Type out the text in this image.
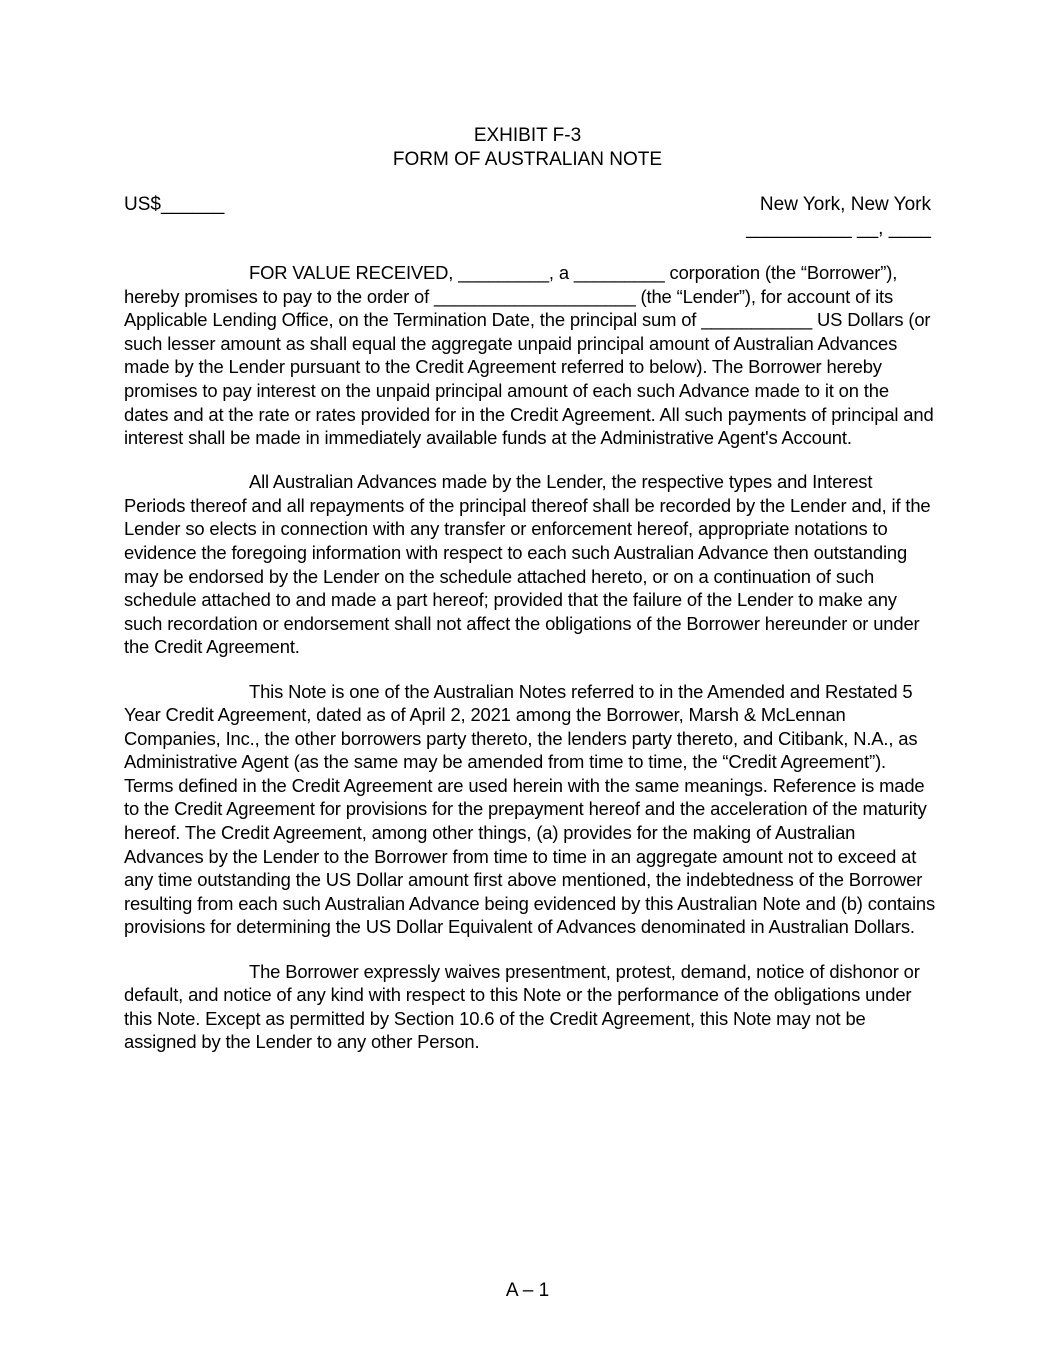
EXHIBIT F-3
FORM OF AUSTRALIAN NOTE
US$______	New York, New York
__________ __, ____

FOR VALUE RECEIVED, _________, a _________ corporation (the “Borrower”), hereby promises to pay to the order of ____________________ (the “Lender”), for account of its Applicable Lending Office, on the Termination Date, the principal sum of ___________ US Dollars (or such lesser amount as shall equal the aggregate unpaid principal amount of Australian Advances made by the Lender pursuant to the Credit Agreement referred to below). The Borrower hereby promises to pay interest on the unpaid principal amount of each such Advance made to it on the dates and at the rate or rates provided for in the Credit Agreement. All such payments of principal and interest shall be made in immediately available funds at the Administrative Agent's Account.

All Australian Advances made by the Lender, the respective types and Interest Periods thereof and all repayments of the principal thereof shall be recorded by the Lender and, if the Lender so elects in connection with any transfer or enforcement hereof, appropriate notations to evidence the foregoing information with respect to each such Australian Advance then outstanding may be endorsed by the Lender on the schedule attached hereto, or on a continuation of such schedule attached to and made a part hereof; provided that the failure of the Lender to make any such recordation or endorsement shall not affect the obligations of the Borrower hereunder or under the Credit Agreement.

This Note is one of the Australian Notes referred to in the Amended and Restated 5 Year Credit Agreement, dated as of April 2, 2021 among the Borrower, Marsh & McLennan Companies, Inc., the other borrowers party thereto, the lenders party thereto, and Citibank, N.A., as Administrative Agent (as the same may be amended from time to time, the “Credit Agreement”). Terms defined in the Credit Agreement are used herein with the same meanings. Reference is made to the Credit Agreement for provisions for the prepayment hereof and the acceleration of the maturity hereof. The Credit Agreement, among other things, (a) provides for the making of Australian Advances by the Lender to the Borrower from time to time in an aggregate amount not to exceed at any time outstanding the US Dollar amount first above mentioned, the indebtedness of the Borrower resulting from each such Australian Advance being evidenced by this Australian Note and (b) contains provisions for determining the US Dollar Equivalent of Advances denominated in Australian Dollars.

The Borrower expressly waives presentment, protest, demand, notice of dishonor or default, and notice of any kind with respect to this Note or the performance of the obligations under this Note. Except as permitted by Section 10.6 of the Credit Agreement, this Note may not be assigned by the Lender to any other Person.

A – 1
